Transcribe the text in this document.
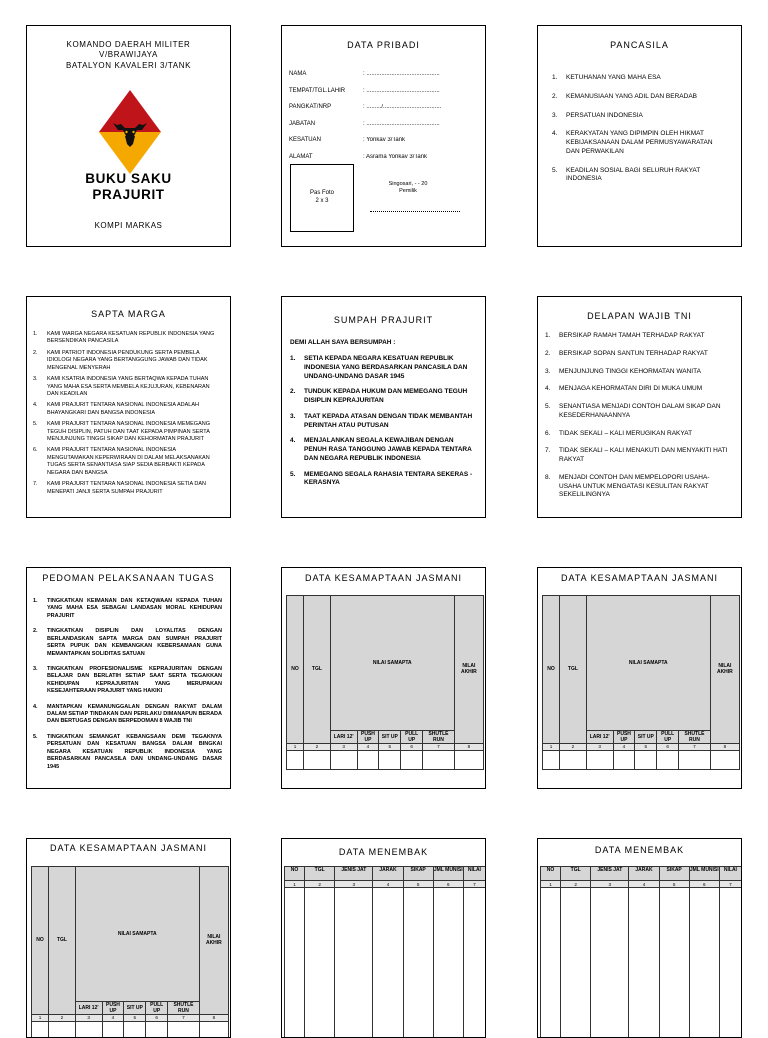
KOMANDO DAERAH MILITER V/BRAWIJAYA
BATALYON KAVALERI 3/TANK
BUKU SAKU
PRAJURIT
KOMPI MARKAS
DATA PRIBADI
NAMA	: ............................................
TEMPAT/TGL.LAHIR	: ............................................
PANGKAT/NRP	: ........./...................................
JABATAN	: ............................................
KESATUAN	: Yonkav 3/Tank
ALAMAT	: Asrama Yonkav 3/Tank
Pas Foto
2 x 3
Singosari, - - 20
Pemilik
PANCASILA
1. KETUHANAN YANG MAHA ESA
2. KEMANUSIAAN YANG ADIL DAN BERADAB
3. PERSATUAN INDONESIA
4. KERAKYATAN YANG DIPIMPIN OLEH HIKMAT KEBIJAKSANAAN DALAM PERMUSYAWARATAN DAN PERWAKILAN
5. KEADILAN SOSIAL BAGI SELURUH RAKYAT INDONESIA
SAPTA MARGA
1. KAMI WARGA NEGARA KESATUAN REPUBLIK INDONESIA YANG BERSENDIKAN PANCASILA
2. KAMI PATRIOT INDONESIA PENDUKUNG SERTA PEMBELA IDIOLOGI NEGARA YANG BERTANGGUNG JAWAB DAN TIDAK MENGENAL MENYERAH
3. KAMI KSATRIA INDONESIA YANG BERTAQWA KEPADA TUHAN YANG MAHA ESA SERTA MEMBELA KEJUJURAN, KEBENARAN DAN KEADILAN
4. KAMI PRAJURIT TENTARA NASIONAL INDONESIA ADALAH BHAYANGKARI DAN BANGSA INDONESIA
5. KAMI PRAJURIT TENTARA NASIONAL INDONESIA MEMEGANG TEGUH DISIPLIN, PATUH DAN TAAT KEPADA PIMPINAN SERTA MENJUNJUNG TINGGI SIKAP DAN KEHORMATAN PRAJURIT
6. KAMI PRAJURIT TENTARA NASIONAL INDONESIA MENGUTAMAKAN KEPERWIRAAN DI DALAM MELAKSANAKAN TUGAS SERTA SENANTIASA SIAP SEDIA BERBAKTI KEPADA NEGARA DAN BANGSA
7. KAMI PRAJURIT TENTARA NASIONAL INDONESIA SETIA DAN MENEPATI JANJI SERTA SUMPAH PRAJURIT
SUMPAH PRAJURIT
DEMI ALLAH SAYA BERSUMPAH :
1. SETIA KEPADA NEGARA KESATUAN REPUBLIK INDONESIA YANG BERDASARKAN PANCASILA DAN UNDANG-UNDANG DASAR 1945
2. TUNDUK KEPADA HUKUM DAN MEMEGANG TEGUH DISIPLIN KEPRAJURITAN
3. TAAT KEPADA ATASAN DENGAN TIDAK MEMBANTAH PERINTAH ATAU PUTUSAN
4. MENJALANKAN SEGALA KEWAJIBAN DENGAN PENUH RASA TANGGUNG JAWAB KEPADA TENTARA DAN NEGARA REPUBLIK INDONESIA
5. MEMEGANG SEGALA RAHASIA TENTARA SEKERAS - KERASNYA
DELAPAN WAJIB TNI
1. BERSIKAP RAMAH TAMAH TERHADAP RAKYAT
2. BERSIKAP SOPAN SANTUN TERHADAP RAKYAT
3. MENJUNJUNG TINGGI KEHORMATAN WANITA
4. MENJAGA KEHORMATAN DIRI DI MUKA UMUM
5. SENANTIASA MENJADI CONTOH DALAM SIKAP DAN KESEDERHANAANNYA
6. TIDAK SEKALI – KALI MERUGIKAN RAKYAT
7. TIDAK SEKALI – KALI MENAKUTI DAN MENYAKITI HATI RAKYAT
8. MENJADI CONTOH DAN MEMPELOPORI USAHA-USAHA UNTUK MENGATASI KESULITAN RAKYAT SEKELILINGNYA
PEDOMAN PELAKSANAAN TUGAS
1. TINGKATKAN KEIMANAN DAN KETAQWAAN KEPADA TUHAN YANG MAHA ESA SEBAGAI LANDASAN MORAL KEHIDUPAN PRAJURIT
2. TINGKATKAN DISIPLIN DAN LOYALITAS DENGAN BERLANDASKAN SAPTA MARGA DAN SUMPAH PRAJURIT SERTA PUPUK DAN KEMBANGKAN KEBERSAMAAN GUNA MEMANTAPKAN SOLIDITAS SATUAN
3. TINGKATKAN PROFESIONALISME KEPRAJURITAN DENGAN BELAJAR DAN BERLATIH SETIAP SAAT SERTA TEGAKKAN KEHIDUPAN KEPRAJURITAN YANG MERUPAKAN KESEJAHTERAAN PRAJURIT YANG HAKIKI
4. MANTAPKAN KEMANUNGGALAN DENGAN RAKYAT DALAM DALAM SETIAP TINDAKAN DAN PERILAKU DIMANAPUN BERADA DAN BERTUGAS DENGAN BERPEDOMAN 8 WAJIB TNI
5. TINGKATKAN SEMANGAT KEBANGSAAN DEMI TEGAKNYA PERSATUAN DAN KESATUAN BANGSA DALAM BINGKAI NEGARA KESATUAN REPUBLIK INDONESIA YANG BERDASARKAN PANCASILA DAN UNDANG-UNDANG DASAR 1945
DATA KESAMAPTAAN JASMANI
NO	TGL	NILAI SAMAPTA					NILAI AKHIR
		LARI 12'	PUSH UP	SIT UP	PULL UP	SHUTLE RUN	
1	2	3	4	5	6	7	8

DATA KESAMAPTAAN JASMANI
NO	TGL	NILAI SAMAPTA					NILAI AKHIR
		LARI 12'	PUSH UP	SIT UP	PULL UP	SHUTLE RUN	
1	2	3	4	5	6	7	8

DATA KESAMAPTAAN JASMANI
NO	TGL	NILAI SAMAPTA					NILAI AKHIR
		LARI 12'	PUSH UP	SIT UP	PULL UP	SHUTLE RUN	
1	2	3	4	5	6	7	8

DATA MENEMBAK
NO	TGL	JENIS JAT	JARAK	SIKAP	JML MUNISI	NILAI
1	2	3	4	5	6	7

DATA MENEMBAK
NO	TGL	JENIS JAT	JARAK	SIKAP	JML MUNISI	NILAI
1	2	3	4	5	6	7
